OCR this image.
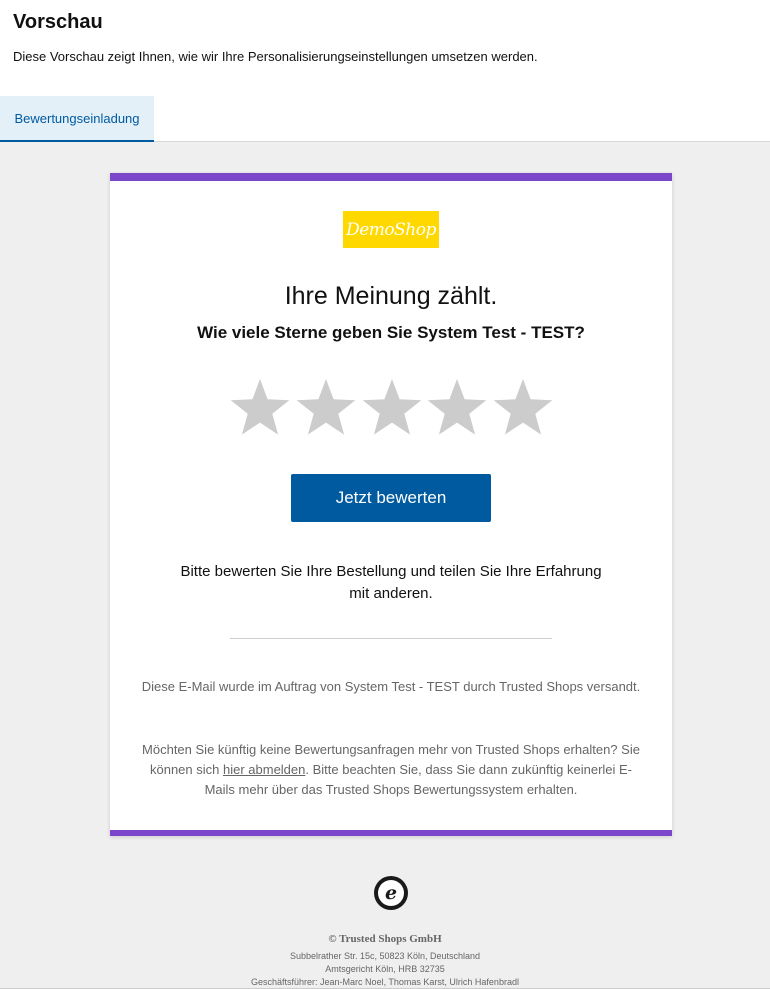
Vorschau

Diese Vorschau zeigt Ihnen, wie wir Ihre Personalisierungseinstellungen umsetzen werden.

Bewertungseinladung
DemoShop
Ihre Meinung zählt.
Wie viele Sterne geben Sie System Test - TEST?
Jetzt bewerten

Bitte bewerten Sie Ihre Bestellung und teilen Sie Ihre Erfahrung mit anderen.

Diese E-Mail wurde im Auftrag von System Test - TEST durch Trusted Shops versandt.

Möchten Sie künftig keine Bewertungsanfragen mehr von Trusted Shops erhalten? Sie können sich hier abmelden. Bitte beachten Sie, dass Sie dann zukünftig keinerlei E-Mails mehr über das Trusted Shops Bewertungssystem erhalten.

e
© Trusted Shops GmbH
Subbelrather Str. 15c, 50823 Köln, Deutschland
Amtsgericht Köln, HRB 32735
Geschäftsführer: Jean-Marc Noel, Thomas Karst, Ulrich Hafenbradl
